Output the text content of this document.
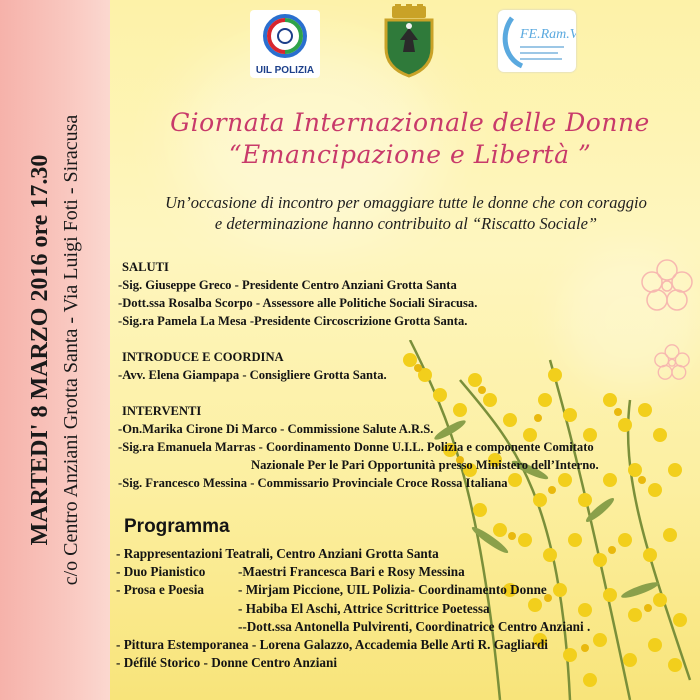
MARTEDI' 8 MARZO 2016 ore 17.30 c/o Centro Anziani Grotta Santa - Via Luigi Foti - Siracusa
UIL POLIZIA
FE.Ram.V
Giornata Internazionale delle Donne
“Emancipazione e Libertà ”
Un’occasione di incontro per omaggiare tutte le donne che con coraggio
e determinazione hanno contribuito al “Riscatto Sociale”
SALUTI
-Sig. Giuseppe Greco - Presidente Centro Anziani Grotta Santa
-Dott.ssa Rosalba Scorpo - Assessore alle Politiche Sociali Siracusa.
-Sig.ra Pamela La Mesa -Presidente Circoscrizione Grotta Santa.
INTRODUCE E COORDINA
-Avv. Elena Giampapa - Consigliere Grotta Santa.
INTERVENTI
-On.Marika Cirone Di Marco - Commissione Salute A.R.S.
-Sig.ra Emanuela Marras - Coordinamento Donne U.I.L. Polizia e componente Comitato
Nazionale Per le Pari Opportunità presso Ministero dell’Interno.
-Sig. Francesco Messina - Commissario Provinciale Croce Rossa Italiana
Programma
- Rappresentazioni Teatrali, Centro Anziani Grotta Santa
- Duo Pianistico -Maestri Francesca Bari e Rosy Messina
- Prosa e Poesia	- Mirjam Piccione, UIL Polizia- Coordinamento Donne
- Habiba El Aschi, Attrice Scrittrice Poetessa
--Dott.ssa Antonella Pulvirenti, Coordinatrice Centro Anziani .
- Pittura Estemporanea - Lorena Galazzo, Accademia Belle Arti R. Gagliardi
- Défilé Storico - Donne Centro Anziani
